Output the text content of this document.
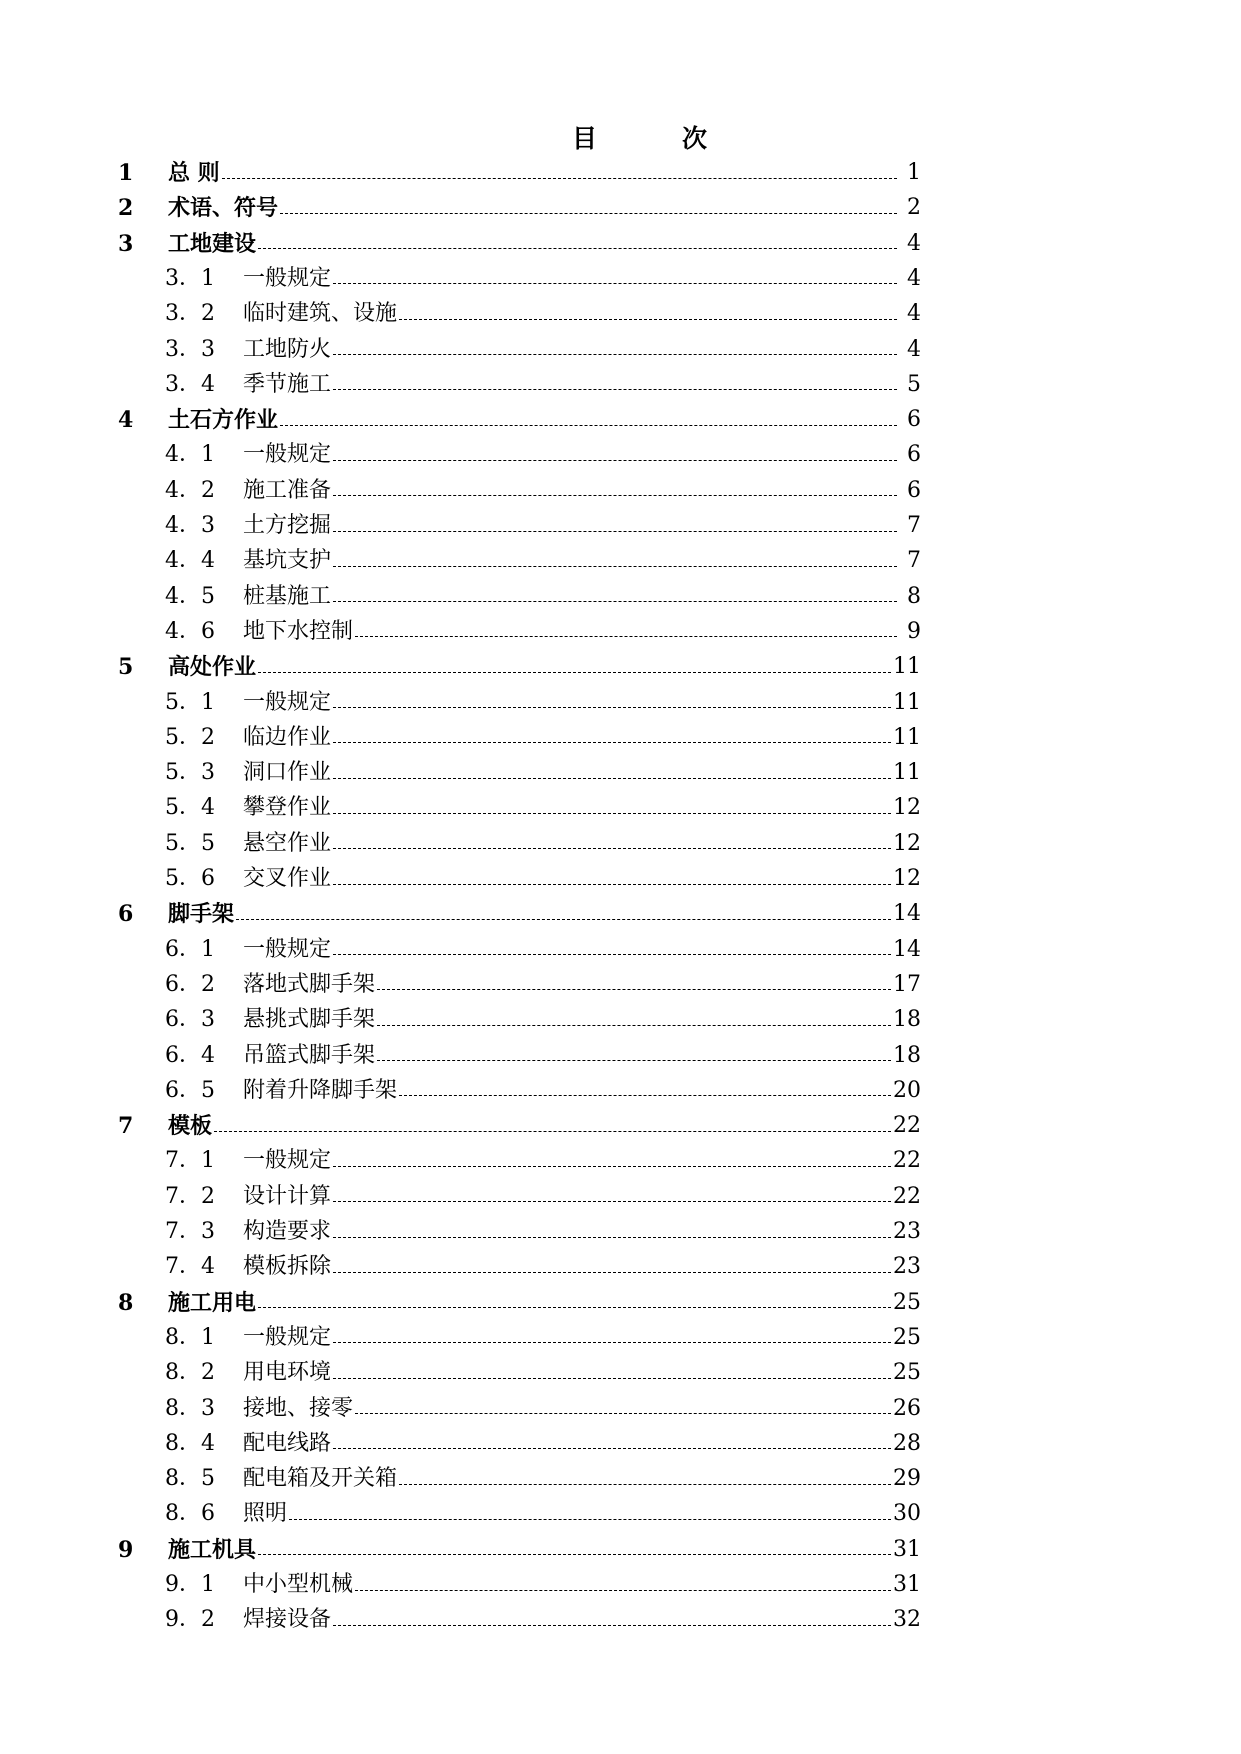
目	次
1	总 则	1
2	术语、符号	2
3	工地建设	4
3．1	一般规定	4
3．2	临时建筑、设施	4
3．3	工地防火	4
3．4	季节施工	5
4	土石方作业	6
4．1	一般规定	6
4．2	施工准备	6
4．3	土方挖掘	7
4．4	基坑支护	7
4．5	桩基施工	8
4．6	地下水控制	9
5	高处作业	11
5．1	一般规定	11
5．2	临边作业	11
5．3	洞口作业	11
5．4	攀登作业	12
5．5	悬空作业	12
5．6	交叉作业	12
6	脚手架	14
6．1	一般规定	14
6．2	落地式脚手架	17
6．3	悬挑式脚手架	18
6．4	吊篮式脚手架	18
6．5	附着升降脚手架	20
7	模板	22
7．1	一般规定	22
7．2	设计计算	22
7．3	构造要求	23
7．4	模板拆除	23
8	施工用电	25
8．1	一般规定	25
8．2	用电环境	25
8．3	接地、接零	26
8．4	配电线路	28
8．5	配电箱及开关箱	29
8．6	照明	30
9	施工机具	31
9．1	中小型机械	31
9．2	焊接设备	32
